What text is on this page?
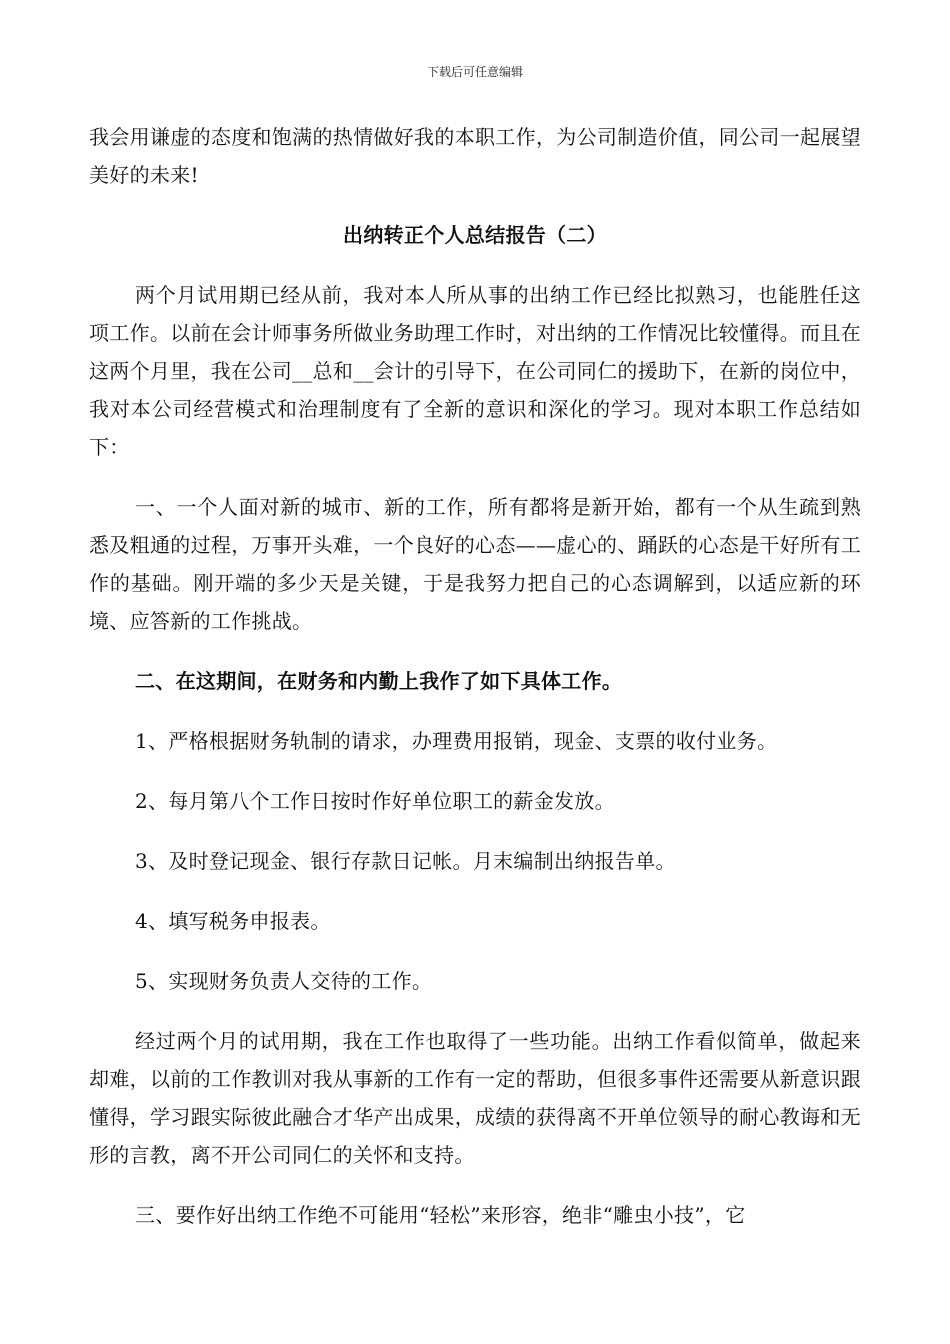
下载后可任意编辑

我会用谦虚的态度和饱满的热情做好我的本职工作，为公司制造价值，同公司一起展望美好的未来!

出纳转正个人总结报告（二）

两个月试用期已经从前，我对本人所从事的出纳工作已经比拟熟习，也能胜任这项工作。以前在会计师事务所做业务助理工作时，对出纳的工作情况比较懂得。而且在这两个月里，我在公司__总和__会计的引导下，在公司同仁的援助下，在新的岗位中，我对本公司经营模式和治理制度有了全新的意识和深化的学习。现对本职工作总结如下：

一、一个人面对新的城市、新的工作，所有都将是新开始，都有一个从生疏到熟悉及粗通的过程，万事开头难，一个良好的心态——虚心的、踊跃的心态是干好所有工作的基础。刚开端的多少天是关键，于是我努力把自己的心态调解到，以适应新的环境、应答新的工作挑战。

二、在这期间，在财务和内勤上我作了如下具体工作。

1、严格根据财务轨制的请求，办理费用报销，现金、支票的收付业务。

2、每月第八个工作日按时作好单位职工的薪金发放。

3、及时登记现金、银行存款日记帐。月末编制出纳报告单。

4、填写税务申报表。

5、实现财务负责人交待的工作。

经过两个月的试用期，我在工作也取得了一些功能。出纳工作看似简单，做起来却难，以前的工作教训对我从事新的工作有一定的帮助，但很多事件还需要从新意识跟懂得，学习跟实际彼此融合才华产出成果，成绩的获得离不开单位领导的耐心教诲和无形的言教，离不开公司同仁的关怀和支持。

三、要作好出纳工作绝不可能用“轻松”来形容，绝非“雕虫小技”，它
